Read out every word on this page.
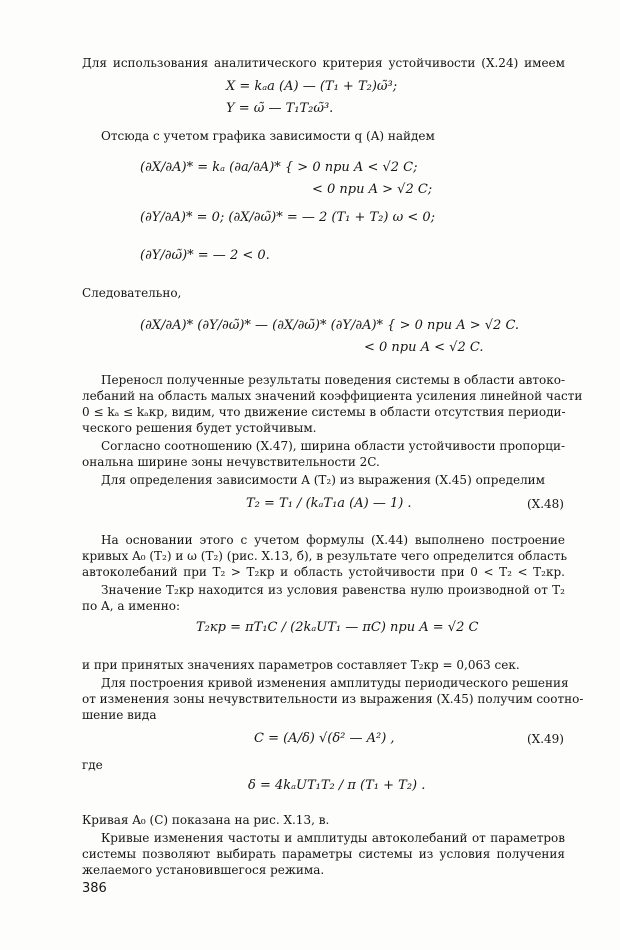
Для использования аналитического критерия устойчивости (X.24) имеем
X = kₐa (A) — (T₁ + T₂)ω̃³;
Y = ω̃ — T₁T₂ω̃³.
Отсюда с учетом графика зависимости q (A) найдем
(∂X/∂A)* = kₐ (∂a/∂A)* { > 0 при A < √2 C;
< 0 при A > √2 C;
(∂Y/∂A)* = 0; (∂X/∂ω̃)* = — 2 (T₁ + T₂) ω < 0;
(∂Y/∂ω̃)* = — 2 < 0.
Следовательно,
(∂X/∂A)* (∂Y/∂ω̃)* — (∂X/∂ω̃)* (∂Y/∂A)* { > 0 при A > √2 C.
< 0 при A < √2 C.
Переносл полученные результаты поведения системы в области автоко-
лебаний на область малых значений коэффициента усиления линейной части
0 ≤ kₐ ≤ kₐкр, видим, что движение системы в области отсутствия периоди-
ческого решения будет устойчивым.
Согласно соотношению (X.47), ширина области устойчивости пропорци-
ональна ширине зоны нечувствительности 2C.
Для определения зависимости A (T₂) из выражения (X.45) определим
T₂ = T₁ / (kₐT₁a (A) — 1) .	(X.48)
На основании этого с учетом формулы (X.44) выполнено построение
кривых A₀ (T₂) и ω (T₂) (рис. X.13, б), в результате чего определится область
автоколебаний при T₂ > T₂кр и область устойчивости при 0 < T₂ < T₂кр.
Значение T₂кр находится из условия равенства нулю производной от T₂
по A, а именно:
T₂кр = πT₁C / (2kₐUT₁ — πC) при A = √2 C
и при принятых значениях параметров составляет T₂кр = 0,063 сек.
Для построения кривой изменения амплитуды периодического решения
от изменения зоны нечувствительности из выражения (X.45) получим соотно-
шение вида
C = (A/δ) √(δ² — A²) ,	(X.49)
где
δ = 4kₐUT₁T₂ / π (T₁ + T₂) .
Кривая A₀ (C) показана на рис. X.13, в.
Кривые изменения частоты и амплитуды автоколебаний от параметров
системы позволяют выбирать параметры системы из условия получения
желаемого установившегося режима.
386
